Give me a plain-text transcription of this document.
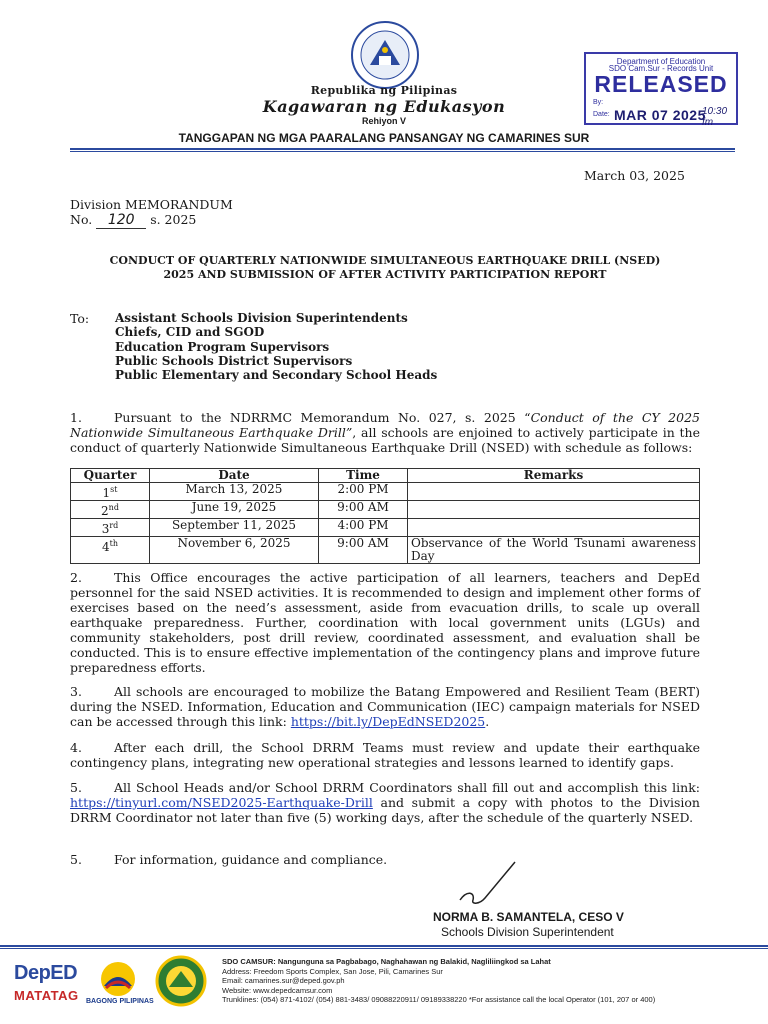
Republika ng Pilipinas
Kagawaran ng Edukasyon
Rehiyon V
TANGGAPAN NG MGA PAARALANG PANSANGAY NG CAMARINES SUR
Department of Education
SDO Cam.Sur - Records Unit
RELEASED
By:
Date: MAR 07 2025
10:30 fm
March 03, 2025
Division MEMORANDUM
No. 120 s. 2025
CONDUCT OF QUARTERLY NATIONWIDE SIMULTANEOUS EARTHQUAKE DRILL (NSED)
2025 AND SUBMISSION OF AFTER ACTIVITY PARTICIPATION REPORT
To: Assistant Schools Division Superintendents
Chiefs, CID and SGOD
Education Program Supervisors
Public Schools District Supervisors
Public Elementary and Secondary School Heads
1.	Pursuant to the NDRRMC Memorandum No. 027, s. 2025 “Conduct of the CY 2025 Nationwide Simultaneous Earthquake Drill”, all schools are enjoined to actively participate in the conduct of quarterly Nationwide Simultaneous Earthquake Drill (NSED) with schedule as follows:
Quarter	Date	Time	Remarks
1st	March 13, 2025	2:00 PM	
2nd	June 19, 2025	9:00 AM	
3rd	September 11, 2025	4:00 PM	
4th	November 6, 2025	9:00 AM	Observance of the World Tsunami awareness Day
2.	This Office encourages the active participation of all learners, teachers and DepEd personnel for the said NSED activities. It is recommended to design and implement other forms of exercises based on the need’s assessment, aside from evacuation drills, to scale up overall earthquake preparedness. Further, coordination with local government units (LGUs) and community stakeholders, post drill review, coordinated assessment, and evaluation shall be conducted. This is to ensure effective implementation of the contingency plans and improve future preparedness efforts.
3.	All schools are encouraged to mobilize the Batang Empowered and Resilient Team (BERT) during the NSED. Information, Education and Communication (IEC) campaign materials for NSED can be accessed through this link: https://bit.ly/DepEdNSED2025.
4.	After each drill, the School DRRM Teams must review and update their earthquake contingency plans, integrating new operational strategies and lessons learned to identify gaps.
5.	All School Heads and/or School DRRM Coordinators shall fill out and accomplish this link: https://tinyurl.com/NSED2025-Earthquake-Drill and submit a copy with photos to the Division DRRM Coordinator not later than five (5) working days, after the schedule of the quarterly NSED.
5.	For information, guidance and compliance.
NORMA B. SAMANTELA, CESO V
Schools Division Superintendent
DepED
MATATAG BAGONG PILIPINAS
SDO CAMSUR: Nangunguna sa Pagbabago, Naghahawan ng Balakid, Nagliliingkod sa Lahat
Address: Freedom Sports Complex, San Jose, Pili, Camarines Sur
Email: camarines.sur@deped.gov.ph
Website: www.depedcamsur.com
Trunklines: (054) 871-4102/ (054) 881-3483/ 09088220911/ 09189338220 *For assistance call the local Operator (101, 207 or 400)
